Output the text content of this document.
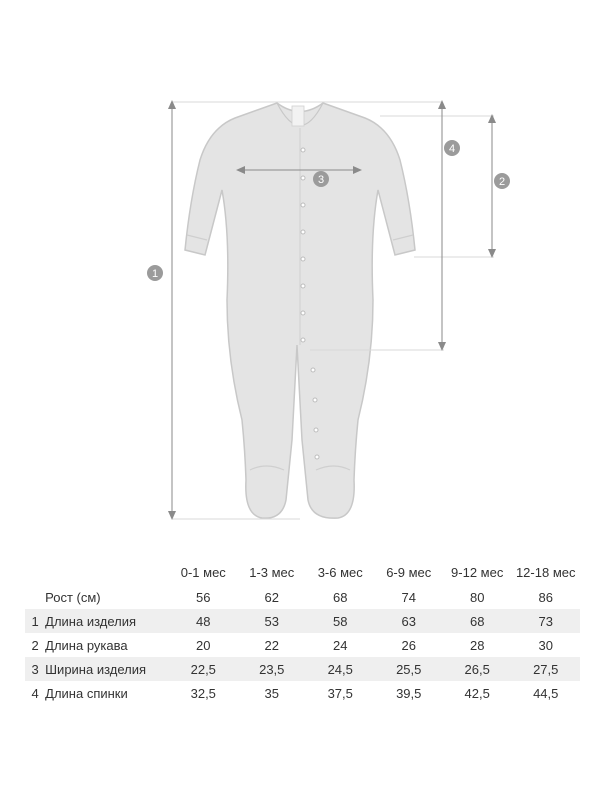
1
2
3
4
		0-1 мес	1-3 мес	3-6 мес	6-9 мес	9-12 мес	12-18 мес
	Рост (см)	56	62	68	74	80	86
1	Длина изделия	48	53	58	63	68	73
2	Длина рукава	20	22	24	26	28	30
3	Ширина изделия	22,5	23,5	24,5	25,5	26,5	27,5
4	Длина спинки	32,5	35	37,5	39,5	42,5	44,5
